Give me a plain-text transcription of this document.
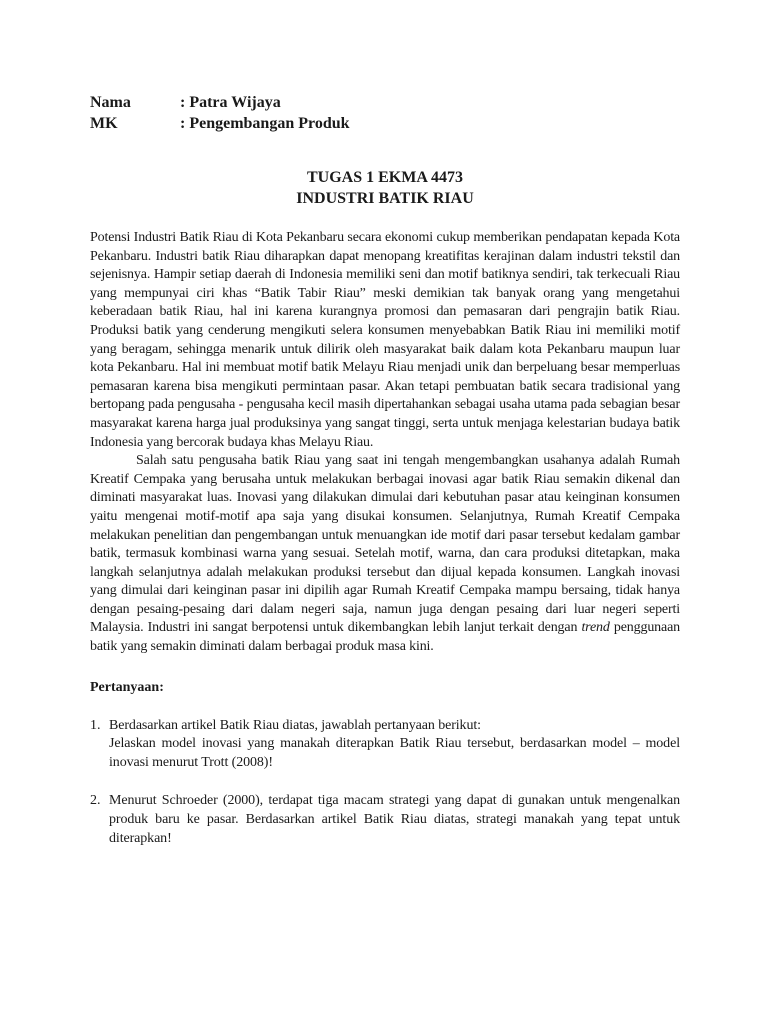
Nama	: Patra Wijaya
MK	: Pengembangan Produk
TUGAS 1 EKMA 4473
INDUSTRI BATIK RIAU

Potensi Industri Batik Riau di Kota Pekanbaru secara ekonomi cukup memberikan pendapatan kepada Kota Pekanbaru. Industri batik Riau diharapkan dapat menopang kreatifitas kerajinan dalam industri tekstil dan sejenisnya. Hampir setiap daerah di Indonesia memiliki seni dan motif batiknya sendiri, tak terkecuali Riau yang mempunyai ciri khas “Batik Tabir Riau” meski demikian tak banyak orang yang mengetahui keberadaan batik Riau, hal ini karena kurangnya promosi dan pemasaran dari pengrajin batik Riau. Produksi batik yang cenderung mengikuti selera konsumen menyebabkan Batik Riau ini memiliki motif yang beragam, sehingga menarik untuk dilirik oleh masyarakat baik dalam kota Pekanbaru maupun luar kota Pekanbaru. Hal ini membuat motif batik Melayu Riau menjadi unik dan berpeluang besar memperluas pemasaran karena bisa mengikuti permintaan pasar. Akan tetapi pembuatan batik secara tradisional yang bertopang pada pengusaha - pengusaha kecil masih dipertahankan sebagai usaha utama pada sebagian besar masyarakat karena harga jual produksinya yang sangat tinggi, serta untuk menjaga kelestarian budaya batik Indonesia yang bercorak budaya khas Melayu Riau.

Salah satu pengusaha batik Riau yang saat ini tengah mengembangkan usahanya adalah Rumah Kreatif Cempaka yang berusaha untuk melakukan berbagai inovasi agar batik Riau semakin dikenal dan diminati masyarakat luas. Inovasi yang dilakukan dimulai dari kebutuhan pasar atau keinginan konsumen yaitu mengenai motif-motif apa saja yang disukai konsumen. Selanjutnya, Rumah Kreatif Cempaka melakukan penelitian dan pengembangan untuk menuangkan ide motif dari pasar tersebut kedalam gambar batik, termasuk kombinasi warna yang sesuai. Setelah motif, warna, dan cara produksi ditetapkan, maka langkah selanjutnya adalah melakukan produksi tersebut dan dijual kepada konsumen. Langkah inovasi yang dimulai dari keinginan pasar ini dipilih agar Rumah Kreatif Cempaka mampu bersaing, tidak hanya dengan pesaing-pesaing dari dalam negeri saja, namun juga dengan pesaing dari luar negeri seperti Malaysia. Industri ini sangat berpotensi untuk dikembangkan lebih lanjut terkait dengan trend penggunaan batik yang semakin diminati dalam berbagai produk masa kini.

Pertanyaan:
1. Berdasarkan artikel Batik Riau diatas, jawablah pertanyaan berikut:
Jelaskan model inovasi yang manakah diterapkan Batik Riau tersebut, berdasarkan model – model inovasi menurut Trott (2008)!
2. Menurut Schroeder (2000), terdapat tiga macam strategi yang dapat di gunakan untuk mengenalkan produk baru ke pasar. Berdasarkan artikel Batik Riau diatas, strategi manakah yang tepat untuk diterapkan!
